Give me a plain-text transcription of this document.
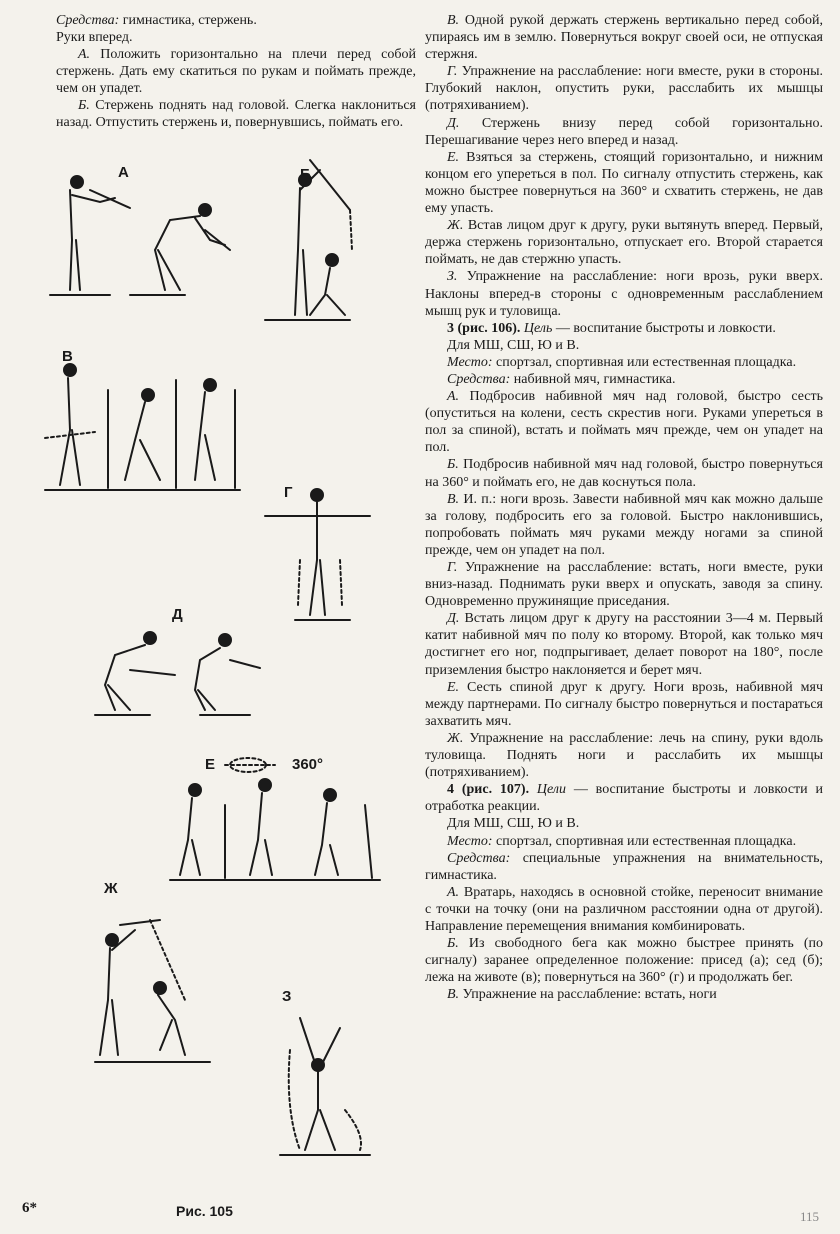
Средства: гимнастика, стержень.

Руки вперед.

А. Положить горизонтально на плечи перед собой стержень. Дать ему скатиться по рукам и поймать прежде, чем он упадет.

Б. Стержень поднять над головой. Слегка наклониться назад. Отпустить стержень и, повернувшись, поймать его.

А	Б
В
Г
Д
Е	360°
Ж
З
Рис. 105

В. Одной рукой держать стержень вертикально перед собой, упираясь им в землю. Повернуться вокруг своей оси, не отпуская стержня.

Г. Упражнение на расслабление: ноги вместе, руки в стороны. Глубокий наклон, опустить руки, расслабить их мышцы (потряхиванием).

Д. Стержень внизу перед собой горизонтально. Перешагивание через него вперед и назад.

Е. Взяться за стержень, стоящий горизонтально, и нижним концом его упереться в пол. По сигналу отпустить стержень, как можно быстрее повернуться на 360° и схватить стержень, не дав ему упасть.

Ж. Встав лицом друг к другу, руки вытянуть вперед. Первый, держа стержень горизонтально, отпускает его. Второй старается поймать, не дав стержню упасть.

З. Упражнение на расслабление: ноги врозь, руки вверх. Наклоны вперед-в стороны с одновременным расслаблением мышц рук и туловища.

3 (рис. 106). Цель — воспитание быстроты и ловкости.

Для МШ, СШ, Ю и В.

Место: спортзал, спортивная или естественная площадка.

Средства: набивной мяч, гимнастика.

А. Подбросив набивной мяч над головой, быстро сесть (опуститься на колени, сесть скрестив ноги. Руками упереться в пол за спиной), встать и поймать мяч прежде, чем он упадет на пол.

Б. Подбросив набивной мяч над головой, быстро повернуться на 360° и поймать его, не дав коснуться пола.

В. И. п.: ноги врозь. Завести набивной мяч как можно дальше за голову, подбросить его за головой. Быстро наклонившись, попробовать поймать мяч руками между ногами за спиной прежде, чем он упадет на пол.

Г. Упражнение на расслабление: встать, ноги вместе, руки вниз-назад. Поднимать руки вверх и опускать, заводя за спину. Одновременно пружинящие приседания.

Д. Встать лицом друг к другу на расстоянии 3—4 м. Первый катит набивной мяч по полу ко второму. Второй, как только мяч достигнет его ног, подпрыгивает, делает поворот на 180°, после приземления быстро наклоняется и берет мяч.

Е. Сесть спиной друг к другу. Ноги врозь, набивной мяч между партнерами. По сигналу быстро повернуться и постараться захватить мяч.

Ж. Упражнение на расслабление: лечь на спину, руки вдоль туловища. Поднять ноги и расслабить их мышцы (потряхиванием).

4 (рис. 107). Цели — воспитание быстроты и ловкости и отработка реакции.

Для МШ, СШ, Ю и В.

Место: спортзал, спортивная или естественная площадка.

Средства: специальные упражнения на внимательность, гимнастика.

А. Вратарь, находясь в основной стойке, переносит внимание с точки на точку (они на различном расстоянии одна от другой). Направление перемещения внимания комбинировать.

Б. Из свободного бега как можно быстрее принять (по сигналу) заранее определенное положение: присед (а); сед (б); лежа на животе (в); повернуться на 360° (г) и продолжать бег.

В. Упражнение на расслабление: встать, ноги

6*
115
